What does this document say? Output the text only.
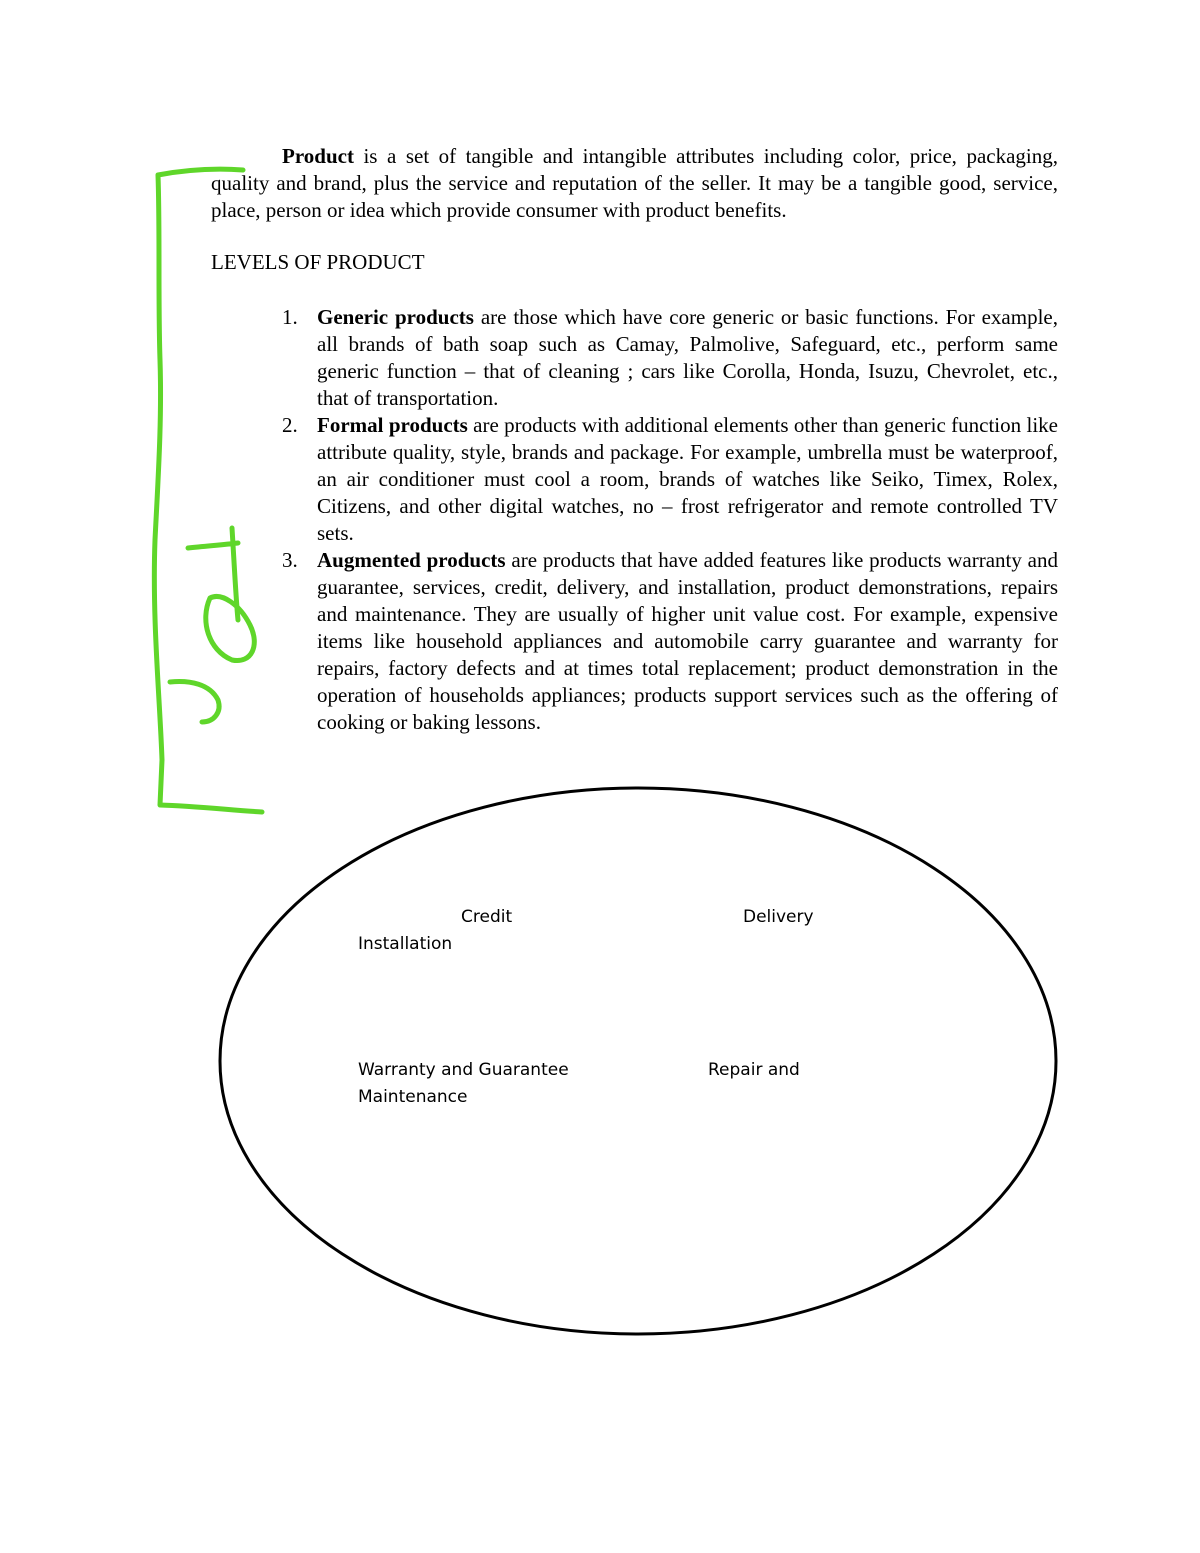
Product is a set of tangible and intangible attributes including color, price, packaging, quality and brand, plus the service and reputation of the seller. It may be a tangible good, service, place, person or idea which provide consumer with product benefits.

LEVELS OF PRODUCT
1. Generic products are those which have core generic or basic functions. For example, all brands of bath soap such as Camay, Palmolive, Safeguard, etc., perform same generic function – that of cleaning ; cars like Corolla, Honda, Isuzu, Chevrolet, etc., that of transportation.
2. Formal products are products with additional elements other than generic function like attribute quality, style, brands and package. For example, umbrella must be waterproof, an air conditioner must cool a room, brands of watches like Seiko, Timex, Rolex, Citizens, and other digital watches, no – frost refrigerator and remote controlled TV sets.
3. Augmented products are products that have added features like products warranty and guarantee, services, credit, delivery, and installation, product demonstrations, repairs and maintenance. They are usually of higher unit value cost. For example, expensive items like household appliances and automobile carry guarantee and warranty for repairs, factory defects and at times total replacement; product demonstration in the operation of households appliances; products support services such as the offering of cooking or baking lessons.
Credit	Delivery
Installation
Warranty and Guarantee	Repair and
Maintenance
